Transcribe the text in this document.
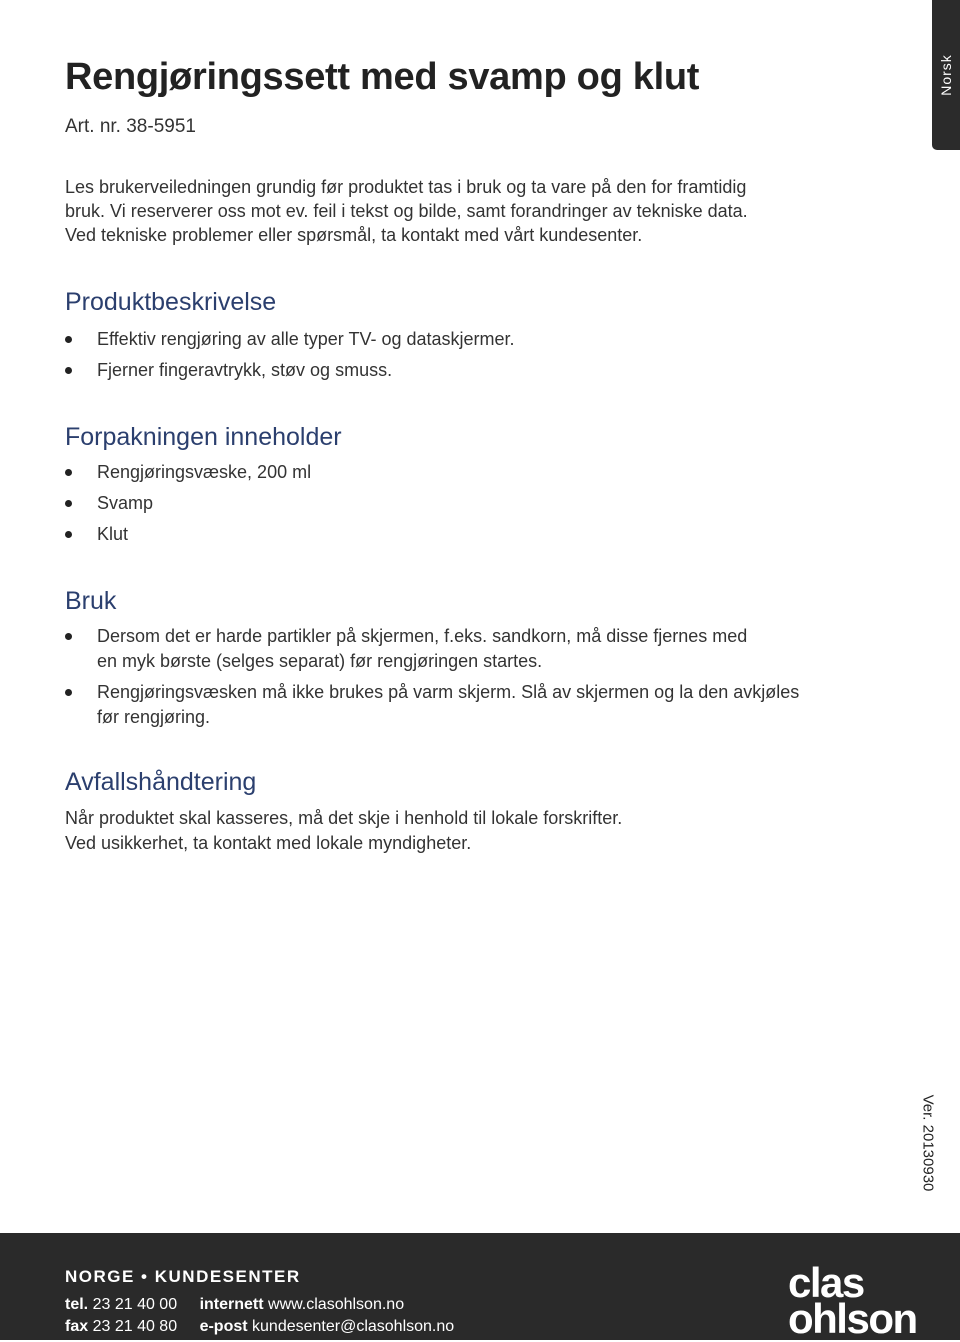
Norsk
Rengjøringssett med svamp og klut
Art. nr. 38-5951

Les brukerveiledningen grundig før produktet tas i bruk og ta vare på den for framtidig

bruk. Vi reserverer oss mot ev. feil i tekst og bilde, samt forandringer av tekniske data.

Ved tekniske problemer eller spørsmål, ta kontakt med vårt kundesenter.

Produktbeskrivelse
Effektiv rengjøring av alle typer TV- og dataskjermer.
Fjerner fingeravtrykk, støv og smuss.
Forpakningen inneholder
Rengjøringsvæske, 200 ml
Svamp
Klut
Bruk
Dersom det er harde partikler på skjermen, f.eks. sandkorn, må disse fjernes med
en myk børste (selges separat) før rengjøringen startes.
Rengjøringsvæsken må ikke brukes på varm skjerm. Slå av skjermen og la den avkjøles
før rengjøring.
Avfallshåndtering

Når produktet skal kasseres, må det skje i henhold til lokale forskrifter.

Ved usikkerhet, ta kontakt med lokale myndigheter.

Ver. 20130930
NORGE • KUNDESENTER
tel. 23 21 40 00 internett www.clasohlson.no
fax 23 21 40 80 e-post kundesenter@clasohlson.no
clas
ohlson
